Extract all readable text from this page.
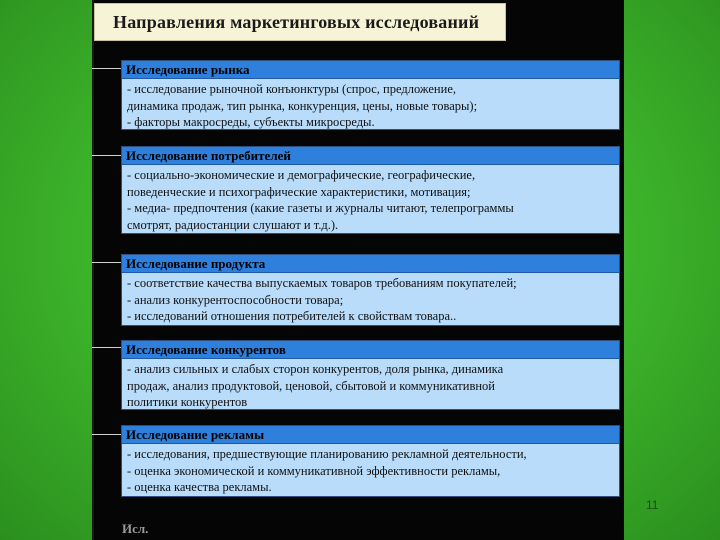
Направления маркетинговых исследований
Исследование рынка
- исследование рыночной конъюнктуры (спрос, предложение,
динамика продаж, тип рынка, конкуренция, цены, новые товары);
- факторы макросреды, субъекты микросреды.
Исследование потребителей
- социально-экономические и демографические, географические,
поведенческие и психографические характеристики, мотивация;
- медиа- предпочтения (какие газеты и журналы читают, телепрограммы
смотрят, радиостанции слушают и т.д.).
Исследование продукта
- соответствие качества выпускаемых товаров требованиям покупателей;
- анализ конкурентоспособности товара;
- исследований отношения потребителей к свойствам товара..
Исследование конкурентов
- анализ сильных и слабых сторон конкурентов, доля рынка, динамика
продаж, анализ продуктовой, ценовой, сбытовой и коммуникативной
политики конкурентов
Исследование рекламы
- исследования, предшествующие планированию рекламной деятельности,
- оценка экономической и коммуникативной эффективности рекламы,
- оценка качества рекламы.
Исл.
11
